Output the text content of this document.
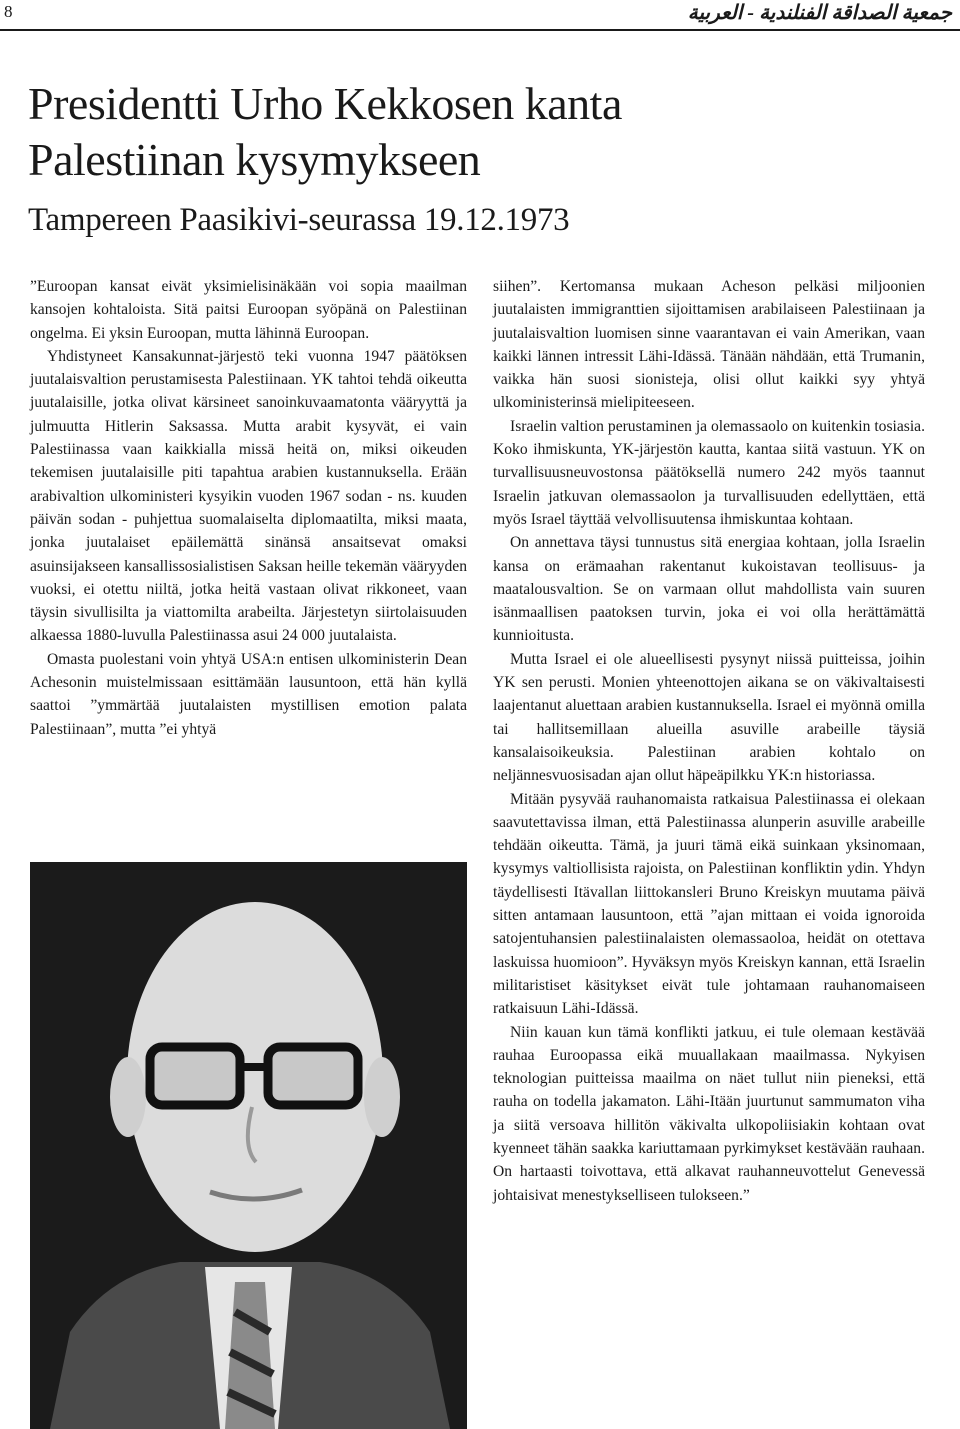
8	جمعية الصداقة الفنلندية - العربية
Presidentti Urho Kekkosen kanta
Palestiinan kysymykseen
Tampereen Paasikivi-seurassa 19.12.1973

”Euroopan kansat eivät yksimielisinäkään voi sopia maailman kansojen kohtaloista. Sitä paitsi Euroopan syöpänä on Palestiinan ongelma. Ei yksin Euroopan, mutta lähinnä Euroopan.

Yhdistyneet Kansakunnat-järjestö teki vuonna 1947 päätöksen juutalaisvaltion perustamisesta Palestiinaan. YK tahtoi tehdä oikeutta juutalaisille, jotka olivat kärsineet sanoinkuvaamatonta vääryyttä ja julmuutta Hitlerin Saksassa. Mutta arabit kysyvät, ei vain Palestiinassa vaan kaikkialla missä heitä on, miksi oikeuden tekemisen juutalaisille piti tapahtua arabien kustannuksella. Erään arabivaltion ulkoministeri kysyikin vuoden 1967 sodan - ns. kuuden päivän sodan - puhjettua suomalaiselta diplomaatilta, miksi maata, jonka juutalaiset epäilemättä sinänsä ansaitsevat omaksi asuinsijakseen kansallissosialistisen Saksan heille tekemän vääryyden vuoksi, ei otettu niiltä, jotka heitä vastaan olivat rikkoneet, vaan täysin sivullisilta ja viattomilta arabeilta. Järjestetyn siirtolaisuuden alkaessa 1880-luvulla Palestiinassa asui 24 000 juutalaista.

Omasta puolestani voin yhtyä USA:n entisen ulkoministerin Dean Achesonin muistelmissaan esittämään lausuntoon, että hän kyllä saattoi ”ymmärtää juutalaisten mystillisen emotion palata Palestiinaan”, mutta ”ei yhtyä

siihen”. Kertomansa mukaan Acheson pelkäsi miljoonien juutalaisten immigranttien sijoittamisen arabilaiseen Palestiinaan ja juutalaisvaltion luomisen sinne vaarantavan ei vain Amerikan, vaan kaikki lännen intressit Lähi-Idässä. Tänään nähdään, että Trumanin, vaikka hän suosi sionisteja, olisi ollut kaikki syy yhtyä ulkoministerinsä mielipiteeseen.

Israelin valtion perustaminen ja olemassaolo on kuitenkin tosiasia. Koko ihmiskunta, YK-järjestön kautta, kantaa siitä vastuun. YK on turvallisuusneuvostonsa päätöksellä numero 242 myös taannut Israelin jatkuvan olemassaolon ja turvallisuuden edellyttäen, että myös Israel täyttää velvollisuutensa ihmiskuntaa kohtaan.

On annettava täysi tunnustus sitä energiaa kohtaan, jolla Israelin kansa on erämaahan rakentanut kukoistavan teollisuus- ja maatalousvaltion. Se on varmaan ollut mahdollista vain suuren isänmaallisen paatoksen turvin, joka ei voi olla herättämättä kunnioitusta.

Mutta Israel ei ole alueellisesti pysynyt niissä puitteissa, joihin YK sen perusti. Monien yhteenottojen aikana se on väkivaltaisesti laajentanut aluettaan arabien kustannuksella. Israel ei myönnä omilla tai hallitsemillaan alueilla asuville arabeille täysiä kansalaisoikeuksia. Palestiinan arabien kohtalo on neljännesvuosisadan ajan ollut häpeäpilkku YK:n historiassa.

Mitään pysyvää rauhanomaista ratkaisua Palestiinassa ei olekaan saavutettavissa ilman, että Palestiinassa alunperin asuville arabeille tehdään oikeutta. Tämä, ja juuri tämä eikä suinkaan yksinomaan, kysymys valtiollisista rajoista, on Palestiinan konfliktin ydin. Yhdyn täydellisesti Itävallan liittokansleri Bruno Kreiskyn muutama päivä sitten antamaan lausuntoon, että ”ajan mittaan ei voida ignoroida satojentuhansien palestiinalaisten olemassaoloa, heidät on otettava laskuissa huomioon”. Hyväksyn myös Kreiskyn kannan, että Israelin militaristiset käsitykset eivät tule johtamaan rauhanomaiseen ratkaisuun Lähi-Idässä.

Niin kauan kun tämä konflikti jatkuu, ei tule olemaan kestävää rauhaa Euroopassa eikä muuallakaan maailmassa. Nykyisen teknologian puitteissa maailma on näet tullut niin pieneksi, että rauha on todella jakamaton. Lähi-Itään juurtunut sammumaton viha ja siitä versoava hillitön väkivalta ulkopoliisiakin kohtaan ovat kyenneet tähän saakka kariuttamaan pyrkimykset kestävään rauhaan. On hartaasti toivottava, että alkavat rauhanneuvottelut Genevessä johtaisivat menestykselliseen tulokseen.”
